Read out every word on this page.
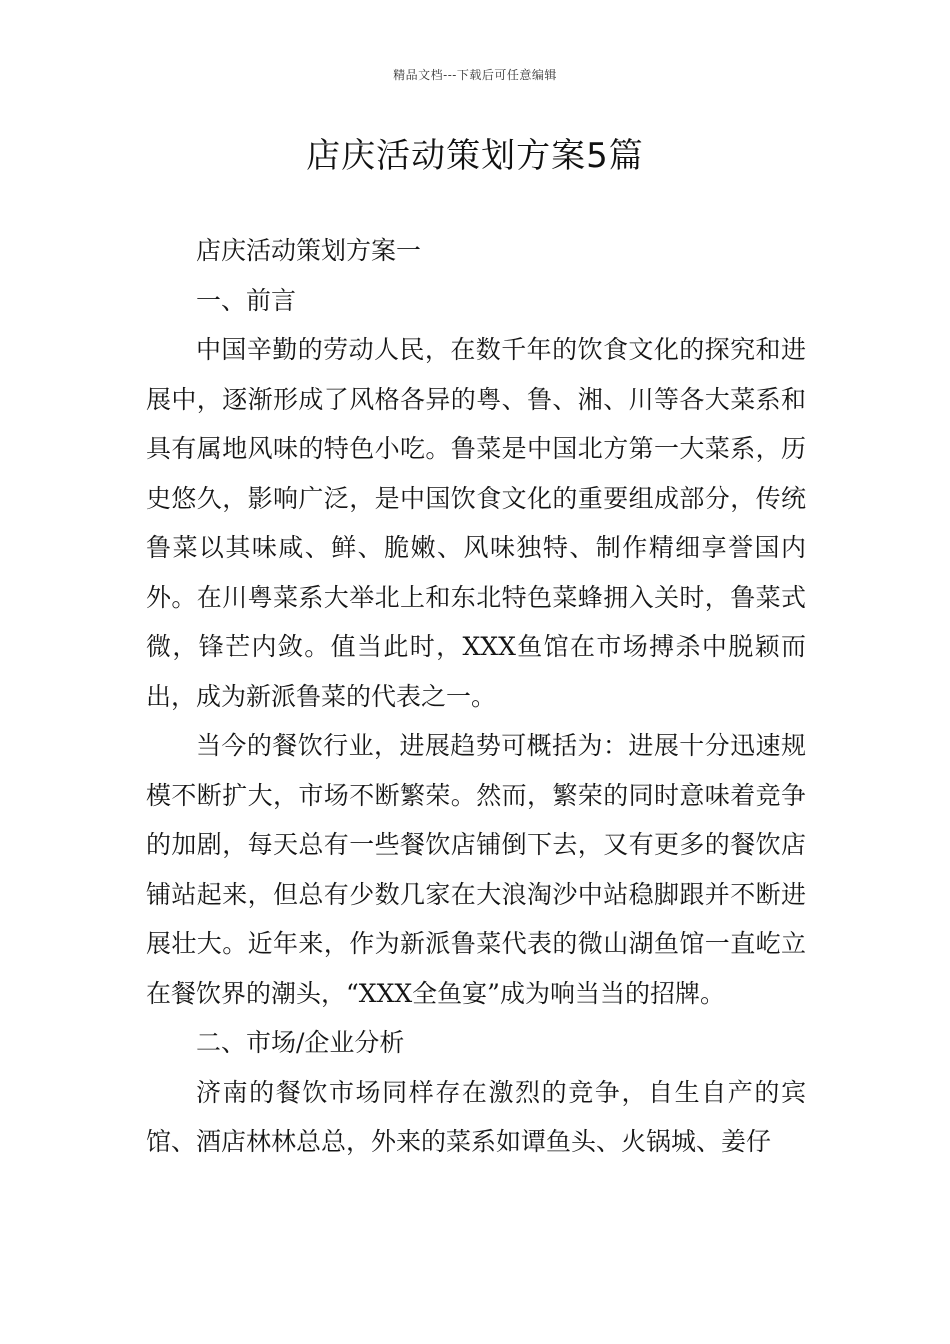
精品文档---下载后可任意编辑
店庆活动策划方案5篇

店庆活动策划方案一

一、前言

中国辛勤的劳动人民，在数千年的饮食文化的探究和进展中，逐渐形成了风格各异的粤、鲁、湘、川等各大菜系和具有属地风味的特色小吃。鲁菜是中国北方第一大菜系，历史悠久，影响广泛，是中国饮食文化的重要组成部分，传统鲁菜以其味咸、鲜、脆嫩、风味独特、制作精细享誉国内外。在川粤菜系大举北上和东北特色菜蜂拥入关时，鲁菜式微，锋芒内敛。值当此时，XXX鱼馆在市场搏杀中脱颖而出，成为新派鲁菜的代表之一。

当今的餐饮行业，进展趋势可概括为：进展十分迅速规模不断扩大，市场不断繁荣。然而，繁荣的同时意味着竞争的加剧，每天总有一些餐饮店铺倒下去，又有更多的餐饮店铺站起来，但总有少数几家在大浪淘沙中站稳脚跟并不断进展壮大。近年来，作为新派鲁菜代表的微山湖鱼馆一直屹立在餐饮界的潮头，“XXX全鱼宴”成为响当当的招牌。

二、市场/企业分析

济南的餐饮市场同样存在激烈的竞争，自生自产的宾馆、酒店林林总总，外来的菜系如谭鱼头、火锅城、姜仔
